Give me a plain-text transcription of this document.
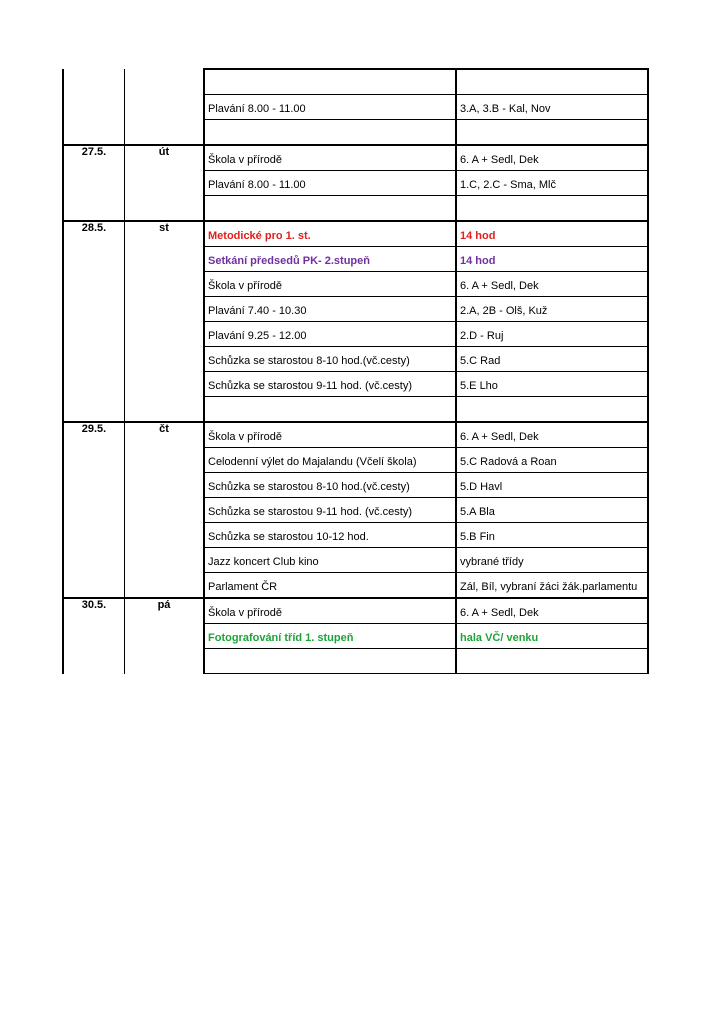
		Plavání 8.00 - 11.00	3.A, 3.B - Kal, Nov

27.5.	út	Škola v přírodě	6. A + Sedl, Dek
		Plavání 8.00 - 11.00	1.C, 2.C - Sma, Mlč

28.5.	st	Metodické pro 1. st.	14 hod
		Setkání předsedů PK- 2.stupeň	14 hod
		Škola v přírodě	6. A + Sedl, Dek
		Plavání 7.40 - 10.30	2.A, 2B - Olš, Kuž
		Plavání 9.25 - 12.00	2.D - Ruj
		Schůzka se starostou 8-10 hod.(vč.cesty)	5.C Rad
		Schůzka se starostou 9-11 hod. (vč.cesty)	5.E Lho

29.5.	čt	Škola v přírodě	6. A + Sedl, Dek
		Celodenní výlet do Majalandu (Včelí škola)	5.C Radová a Roan
		Schůzka se starostou 8-10 hod.(vč.cesty)	5.D Havl
		Schůzka se starostou 9-11 hod. (vč.cesty)	5.A Bla
		Schůzka se starostou 10-12 hod.	5.B Fin
		Jazz koncert Club kino	vybrané třídy
		Parlament ČR	Zál, Bíl, vybraní žáci žák.parlamentu
30.5.	pá	Škola v přírodě	6. A + Sedl, Dek
		Fotografování tříd 1. stupeň	hala VČ/ venku
